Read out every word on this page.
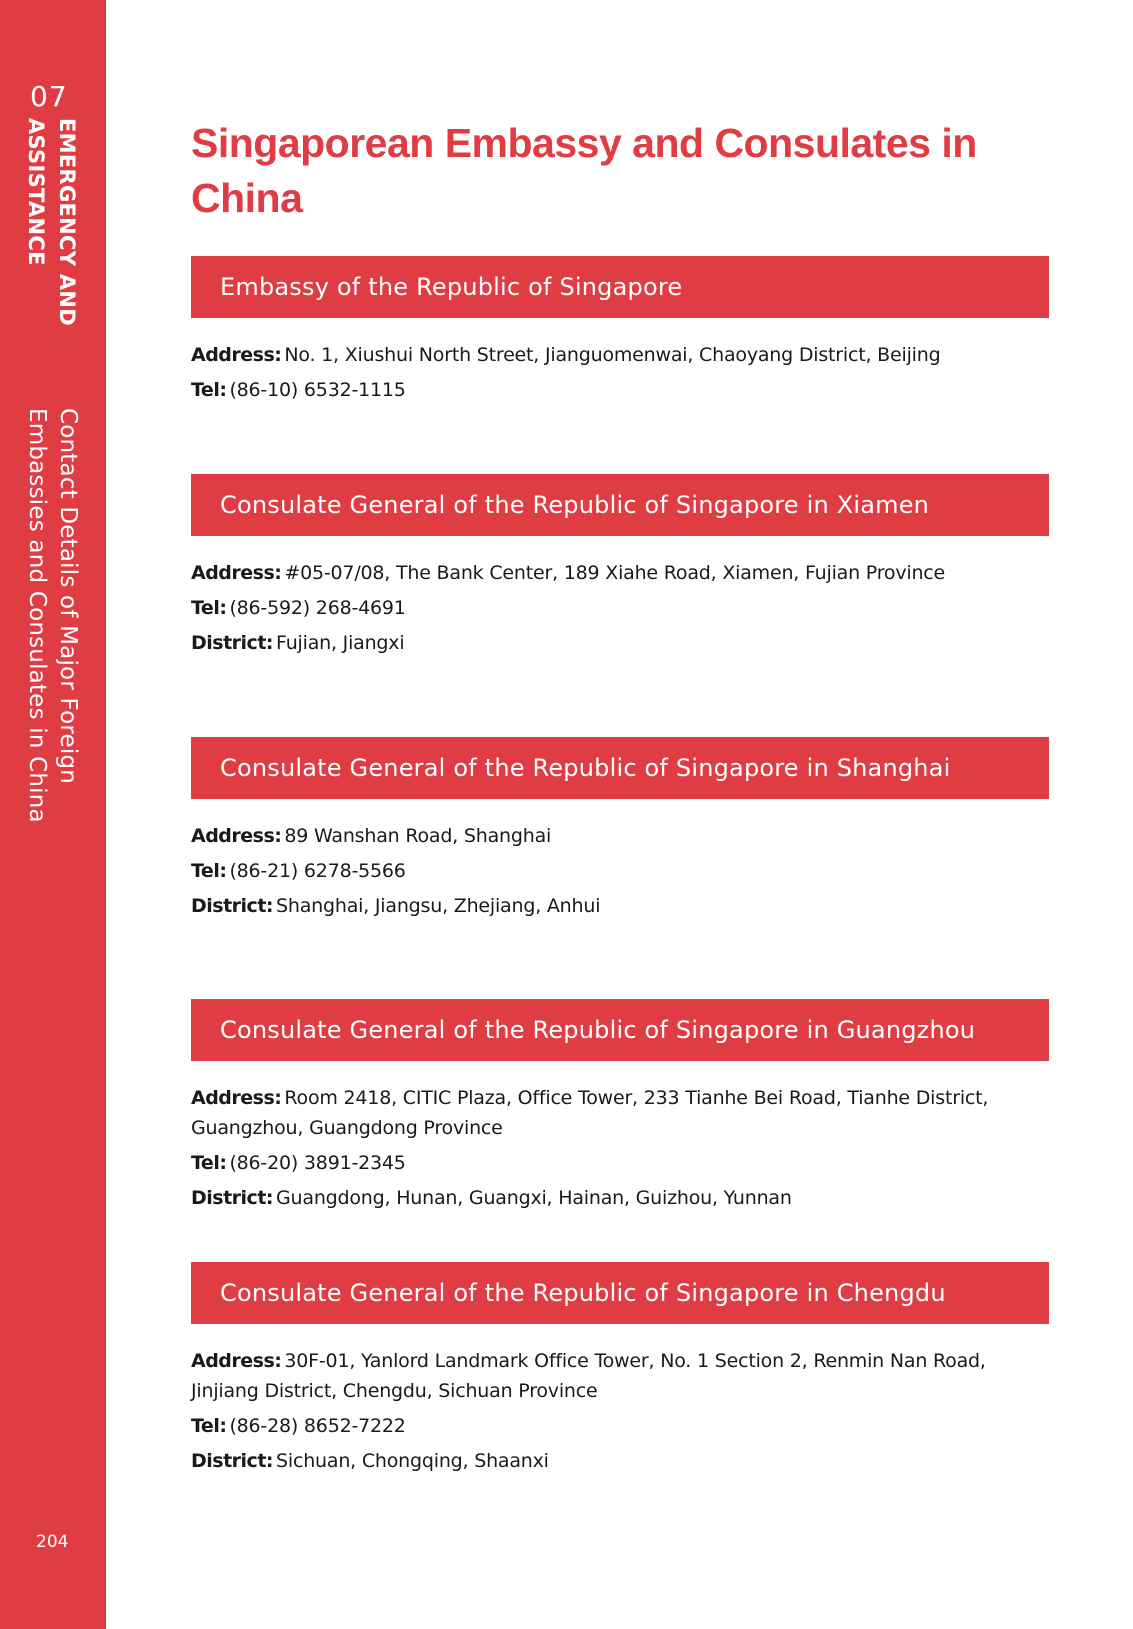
07
EMERGENCY AND
ASSISTANCE
Contact Details of Major Foreign
Embassies and Consulates in China
204
Singaporean Embassy and Consulates in China
Embassy of the Republic of Singapore
Address: No. 1, Xiushui North Street, Jianguomenwai, Chaoyang District, Beijing
Tel: (86-10) 6532-1115
Consulate General of the Republic of Singapore in Xiamen
Address: #05-07/08, The Bank Center, 189 Xiahe Road, Xiamen, Fujian Province
Tel: (86-592) 268-4691
District: Fujian, Jiangxi
Consulate General of the Republic of Singapore in Shanghai
Address: 89 Wanshan Road, Shanghai
Tel: (86-21) 6278-5566
District: Shanghai, Jiangsu, Zhejiang, Anhui
Consulate General of the Republic of Singapore in Guangzhou
Address: Room 2418, CITIC Plaza, Office Tower, 233 Tianhe Bei Road, Tianhe District, Guangzhou, Guangdong Province
Tel: (86-20) 3891-2345
District: Guangdong, Hunan, Guangxi, Hainan, Guizhou, Yunnan
Consulate General of the Republic of Singapore in Chengdu
Address: 30F-01, Yanlord Landmark Office Tower, No. 1 Section 2, Renmin Nan Road, Jinjiang District, Chengdu, Sichuan Province
Tel: (86-28) 8652-7222
District: Sichuan, Chongqing, Shaanxi
